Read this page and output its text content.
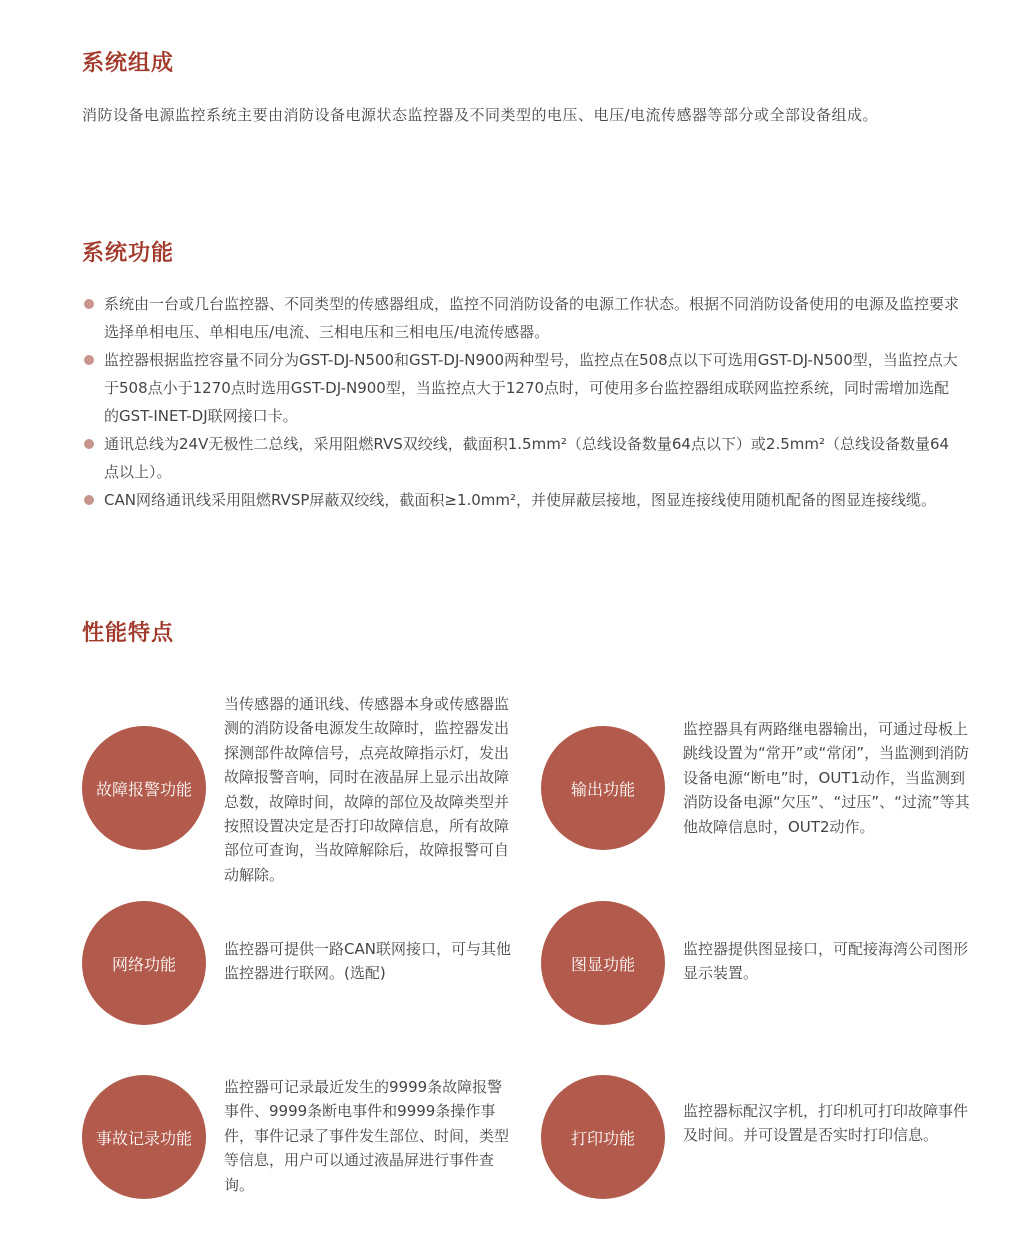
系统组成

消防设备电源监控系统主要由消防设备电源状态监控器及不同类型的电压、电压/电流传感器等部分或全部设备组成。

系统功能
系统由一台或几台监控器、不同类型的传感器组成，监控不同消防设备的电源工作状态。根据不同消防设备使用的电源及监控要求选择单相电压、单相电压/电流、三相电压和三相电压/电流传感器。
监控器根据监控容量不同分为GST-DJ-N500和GST-DJ-N900两种型号，监控点在508点以下可选用GST-DJ-N500型，当监控点大于508点小于1270点时选用GST-DJ-N900型，当监控点大于1270点时，可使用多台监控器组成联网监控系统，同时需增加选配的GST-INET-DJ联网接口卡。
通讯总线为24V无极性二总线，采用阻燃RVS双绞线，截面积1.5mm²（总线设备数量64点以下）或2.5mm²（总线设备数量64点以上）。
CAN网络通讯线采用阻燃RVSP屏蔽双绞线，截面积≥1.0mm²，并使屏蔽层接地，图显连接线使用随机配备的图显连接线缆。
性能特点
故障报警功能

当传感器的通讯线、传感器本身或传感器监测的消防设备电源发生故障时，监控器发出探测部件故障信号，点亮故障指示灯，发出故障报警音响，同时在液晶屏上显示出故障总数，故障时间，故障的部位及故障类型并按照设置决定是否打印故障信息，所有故障部位可查询，当故障解除后，故障报警可自动解除。

输出功能

监控器具有两路继电器输出，可通过母板上跳线设置为“常开”或“常闭”，当监测到消防设备电源“断电”时，OUT1动作，当监测到消防设备电源“欠压”、“过压”、“过流”等其他故障信息时，OUT2动作。

网络功能

监控器可提供一路CAN联网接口，可与其他监控器进行联网。(选配)	图显功能

监控器提供图显接口，可配接海湾公司图形显示装置。

事故记录功能

监控器可记录最近发生的9999条故障报警事件、9999条断电事件和9999条操作事件，事件记录了事件发生部位、时间，类型等信息，用户可以通过液晶屏进行事件查询。

打印功能

监控器标配汉字机，打印机可打印故障事件及时间。并可设置是否实时打印信息。
